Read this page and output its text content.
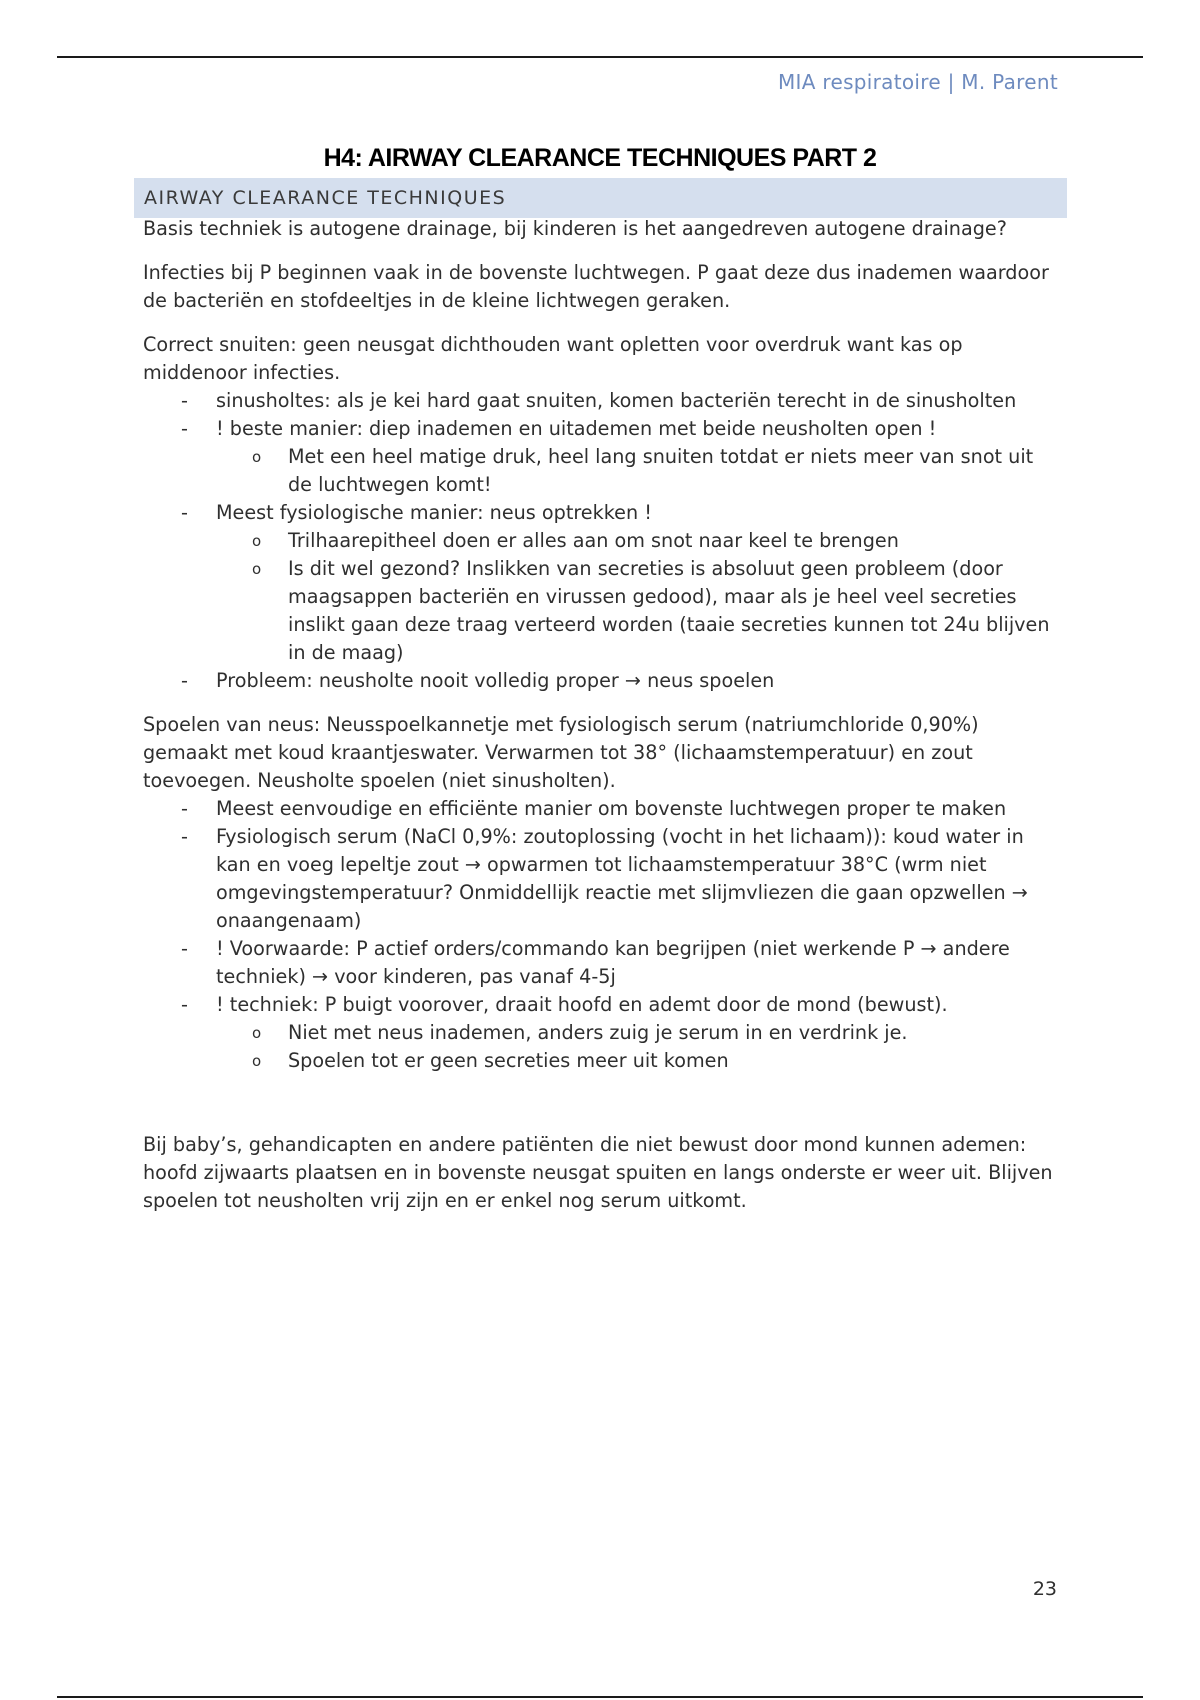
MIA respiratoire | M. Parent
H4: AIRWAY CLEARANCE TECHNIQUES PART 2
AIRWAY CLEARANCE TECHNIQUES

Basis techniek is autogene drainage, bij kinderen is het aangedreven autogene drainage?

Infecties bij P beginnen vaak in de bovenste luchtwegen. P gaat deze dus inademen waardoor de bacteriën en stofdeeltjes in de kleine lichtwegen geraken.

Correct snuiten: geen neusgat dichthouden want opletten voor overdruk want kas op middenoor infecties.

- sinusholtes: als je kei hard gaat snuiten, komen bacteriën terecht in de sinusholten
- ! beste manier: diep inademen en uitademen met beide neusholten open !
o Met een heel matige druk, heel lang snuiten totdat er niets meer van snot uit de luchtwegen komt!
- Meest fysiologische manier: neus optrekken !
o Trilhaarepitheel doen er alles aan om snot naar keel te brengen
o Is dit wel gezond? Inslikken van secreties is absoluut geen probleem (door maagsappen bacteriën en virussen gedood), maar als je heel veel secreties inslikt gaan deze traag verteerd worden (taaie secreties kunnen tot 24u blijven in de maag)
- Probleem: neusholte nooit volledig proper → neus spoelen

Spoelen van neus: Neusspoelkannetje met fysiologisch serum (natriumchloride 0,90%) gemaakt met koud kraantjeswater. Verwarmen tot 38° (lichaamstemperatuur) en zout toevoegen. Neusholte spoelen (niet sinusholten).

- Meest eenvoudige en efficiënte manier om bovenste luchtwegen proper te maken
- Fysiologisch serum (NaCl 0,9%: zoutoplossing (vocht in het lichaam)): koud water in kan en voeg lepeltje zout → opwarmen tot lichaamstemperatuur 38°C (wrm niet omgevingstemperatuur? Onmiddellijk reactie met slijmvliezen die gaan opzwellen → onaangenaam)
- ! Voorwaarde: P actief orders/commando kan begrijpen (niet werkende P → andere techniek) → voor kinderen, pas vanaf 4-5j
- ! techniek: P buigt voorover, draait hoofd en ademt door de mond (bewust).
o Niet met neus inademen, anders zuig je serum in en verdrink je.
o Spoelen tot er geen secreties meer uit komen

Bij baby’s, gehandicapten en andere patiënten die niet bewust door mond kunnen ademen: hoofd zijwaarts plaatsen en in bovenste neusgat spuiten en langs onderste er weer uit. Blijven spoelen tot neusholten vrij zijn en er enkel nog serum uitkomt.

23
